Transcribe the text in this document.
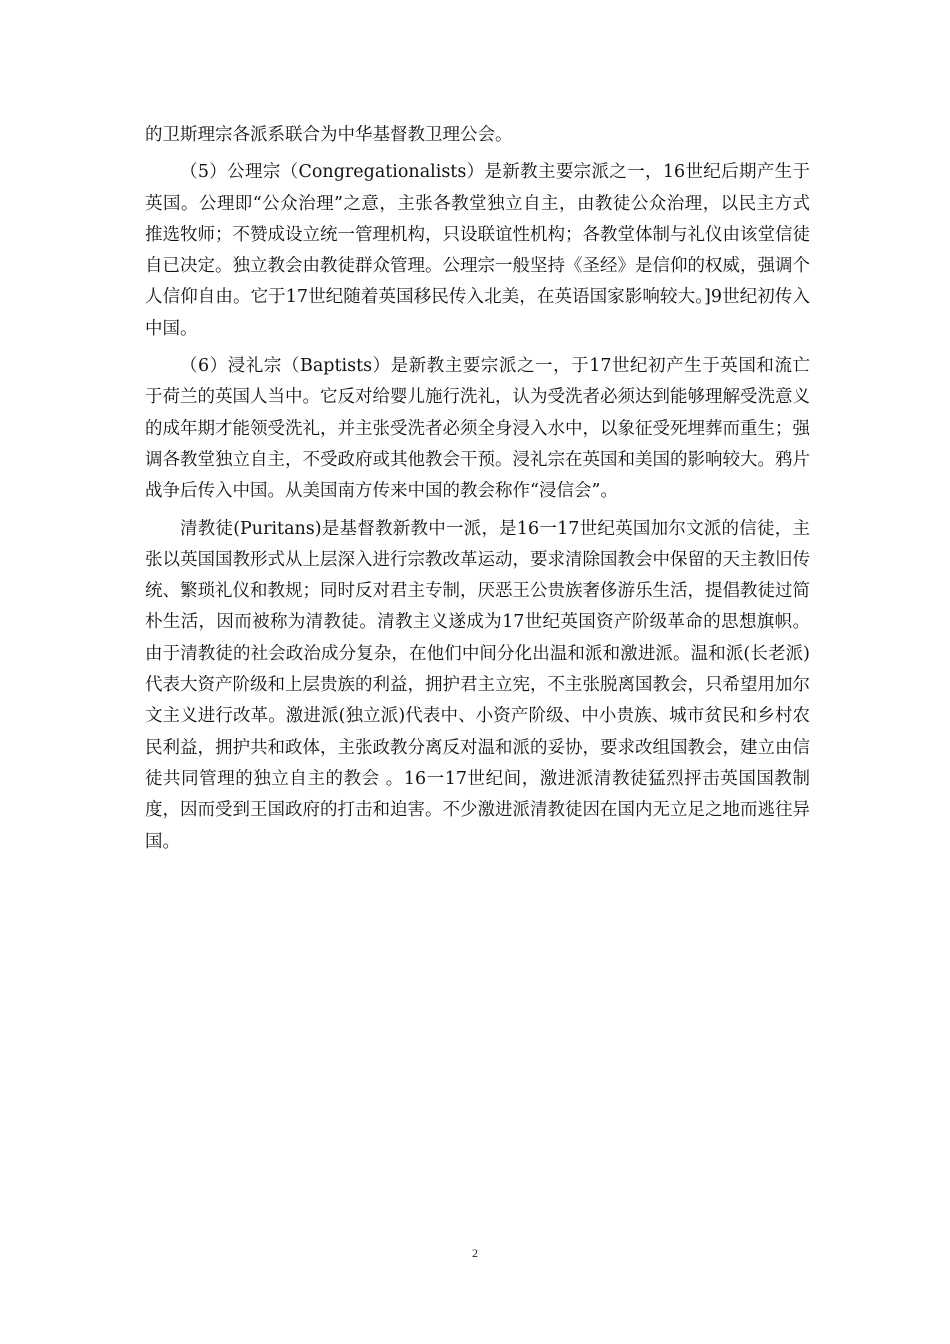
的卫斯理宗各派系联合为中华基督教卫理公会。

（5）公理宗（Congregationalists）是新教主要宗派之一，16世纪后期产生于英国。公理即“公众治理”之意，主张各教堂独立自主，由教徒公众治理，以民主方式推选牧师；不赞成设立统一管理机构，只设联谊性机构；各教堂体制与礼仪由该堂信徒自已决定。独立教会由教徒群众管理。公理宗一般坚持《圣经》是信仰的权威，强调个人信仰自由。它于17世纪随着英国移民传入北美，在英语国家影响较大。]9世纪初传入中国。

（6）浸礼宗（Baptists）是新教主要宗派之一，于17世纪初产生于英国和流亡于荷兰的英国人当中。它反对给婴儿施行洗礼，认为受洗者必须达到能够理解受洗意义的成年期才能领受洗礼，并主张受洗者必须全身浸入水中，以象征受死埋葬而重生；强调各教堂独立自主，不受政府或其他教会干预。浸礼宗在英国和美国的影响较大。鸦片战争后传入中国。从美国南方传来中国的教会称作“浸信会”。

清教徒(Puritans)是基督教新教中一派，是16一17世纪英国加尔文派的信徒，主张以英国国教形式从上层深入进行宗教改革运动，要求清除国教会中保留的天主教旧传统、繁琐礼仪和教规；同时反对君主专制，厌恶王公贵族奢侈游乐生活，提倡教徒过简朴生活，因而被称为清教徒。清教主义遂成为17世纪英国资产阶级革命的思想旗帜。由于清教徒的社会政治成分复杂，在他们中间分化出温和派和激进派。温和派(长老派)代表大资产阶级和上层贵族的利益，拥护君主立宪，不主张脱离国教会，只希望用加尔文主义进行改革。激进派(独立派)代表中、小资产阶级、中小贵族、城市贫民和乡村农民利益，拥护共和政体，主张政教分离反对温和派的妥协，要求改组国教会，建立由信徒共同管理的独立自主的教会 。16一17世纪间，激进派清教徒猛烈抨击英国国教制度，因而受到王国政府的打击和迫害。不少激进派清教徒因在国内无立足之地而逃往异国。

2
